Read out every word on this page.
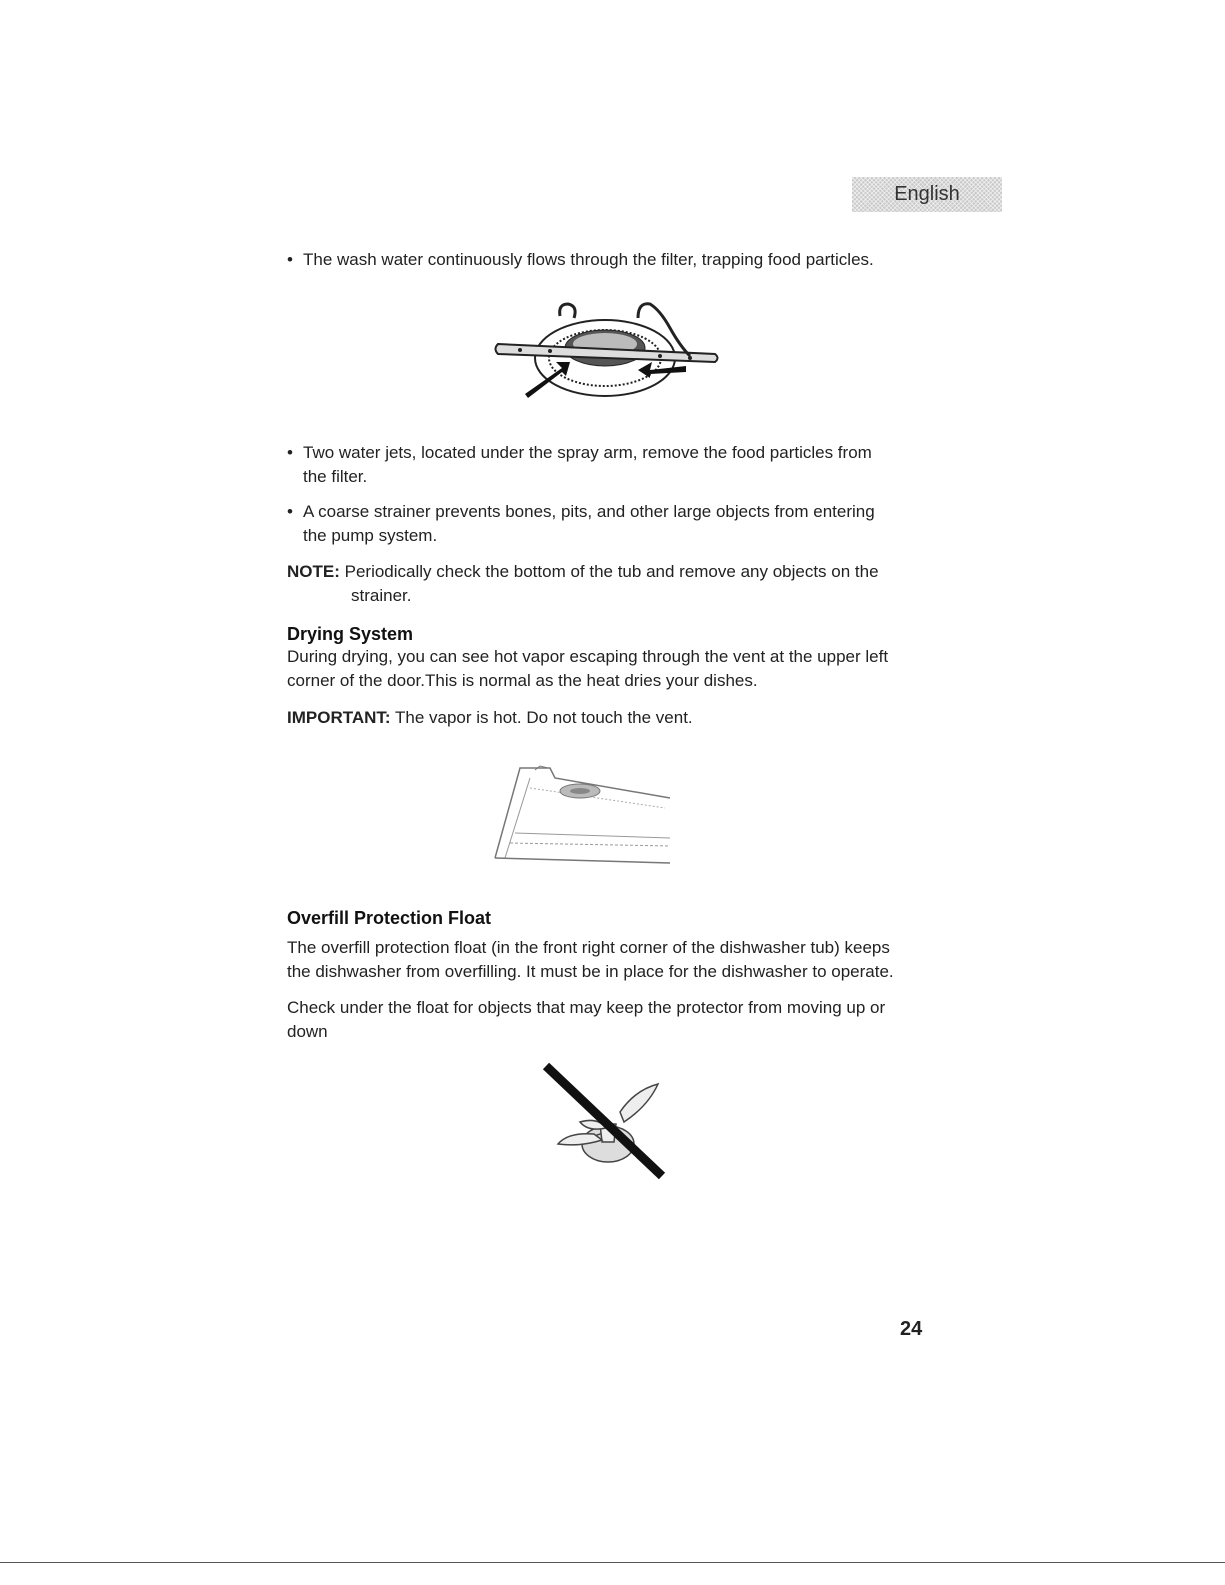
English
• The wash water continuously flows through the filter, trapping food particles.
• Two water jets, located under the spray arm, remove the food particles from
the filter.
• A coarse strainer prevents bones, pits, and other large objects from entering
the pump system.
NOTE: Periodically check the bottom of the tub and remove any objects on the
strainer.
Drying System
During drying, you can see hot vapor escaping through the vent at the upper left
corner of the door.This is normal as the heat dries your dishes.
IMPORTANT: The vapor is hot. Do not touch the vent.
Overfill Protection Float
The overfill protection float (in the front right corner of the dishwasher tub) keeps
the dishwasher from overfilling. It must be in place for the dishwasher to operate.
Check under the float for objects that may keep the protector from moving up or
down
24
